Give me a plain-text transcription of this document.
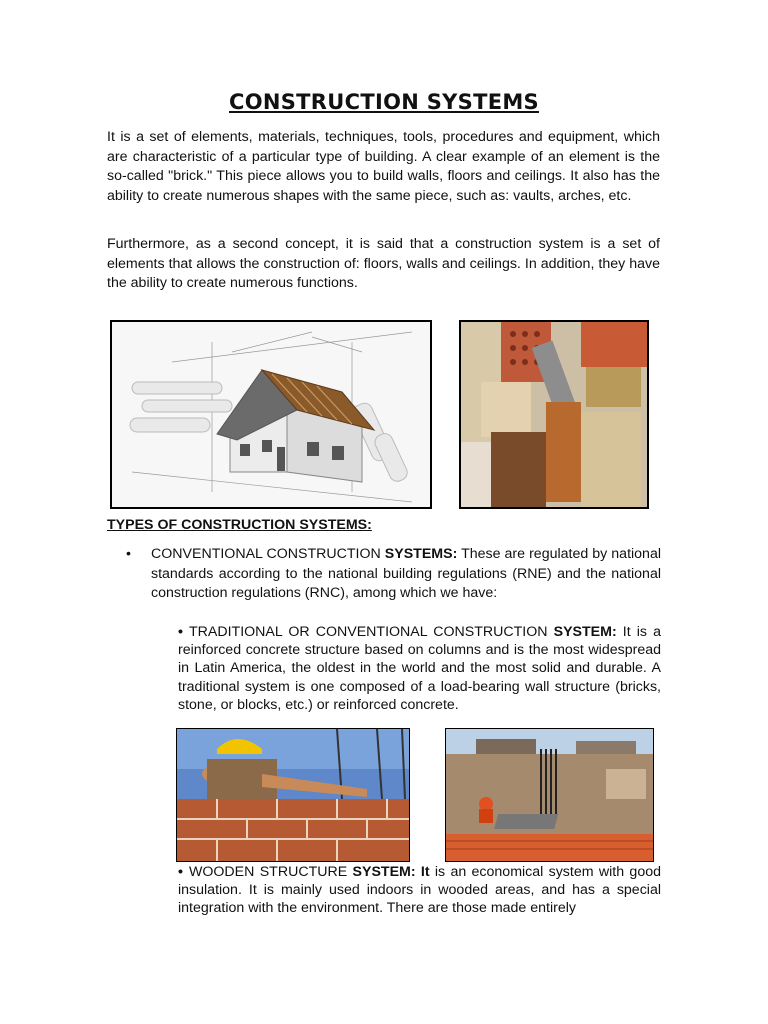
CONSTRUCTION SYSTEMS

It is a set of elements, materials, techniques, tools, procedures and equipment, which are characteristic of a particular type of building. A clear example of an element is the so-called "brick." This piece allows you to build walls, floors and ceilings. It also has the ability to create numerous shapes with the same piece, such as: vaults, arches, etc.

Furthermore, as a second concept, it is said that a construction system is a set of elements that allows the construction of: floors, walls and ceilings. In addition, they have the ability to create numerous functions.

TYPES OF CONSTRUCTION SYSTEMS:
• CONVENTIONAL CONSTRUCTION SYSTEMS: These are regulated by national standards according to the national building regulations (RNE) and the national construction regulations (RNC), among which we have:
• TRADITIONAL OR CONVENTIONAL CONSTRUCTION SYSTEM: It is a reinforced concrete structure based on columns and is the most widespread in Latin America, the oldest in the world and the most solid and durable. A traditional system is one composed of a load-bearing wall structure (bricks, stone, or blocks, etc.) or reinforced concrete.
• WOODEN STRUCTURE SYSTEM: It is an economical system with good insulation. It is mainly used indoors in wooded areas, and has a special integration with the environment. There are those made entirely
